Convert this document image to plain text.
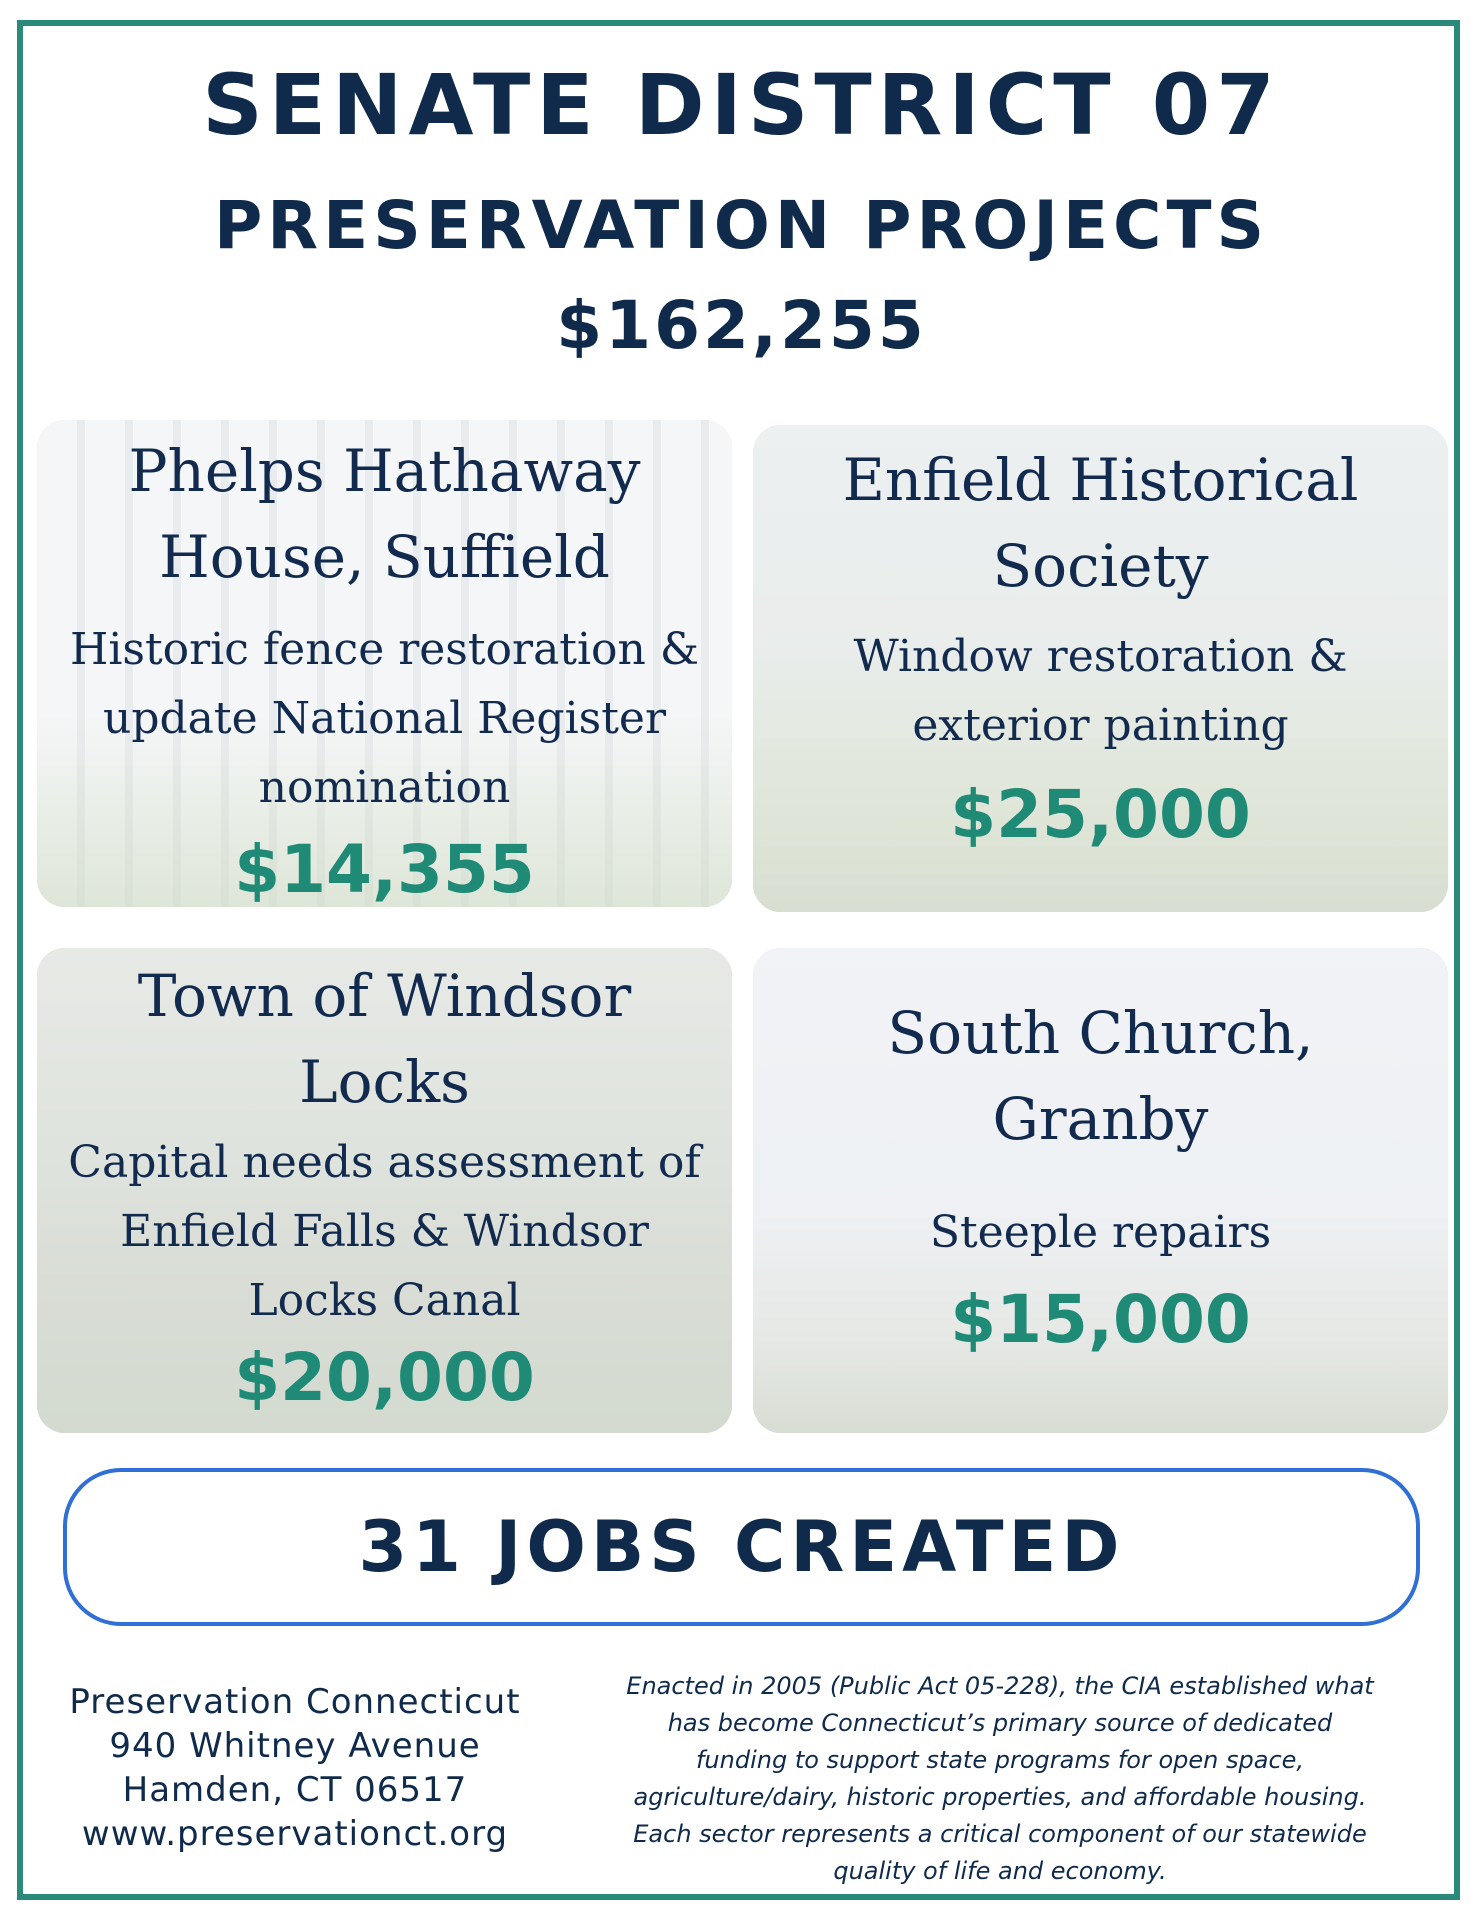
SENATE DISTRICT 07
PRESERVATION PROJECTS
$162,255
Phelps Hathaway
House, Suffield
Historic fence restoration &
update National Register
nomination
$14,355
Enfield Historical
Society
Window restoration &
exterior painting
$25,000
Town of Windsor
Locks
Capital needs assessment of
Enfield Falls & Windsor
Locks Canal
$20,000
South Church,
Granby
Steeple repairs
$15,000
31 JOBS CREATED
Preservation Connecticut
940 Whitney Avenue
Hamden, CT 06517
www.preservationct.org
Enacted in 2005 (Public Act 05-228), the CIA established what
has become Connecticut’s primary source of dedicated
funding to support state programs for open space,
agriculture/dairy, historic properties, and affordable housing.
Each sector represents a critical component of our statewide
quality of life and economy.
